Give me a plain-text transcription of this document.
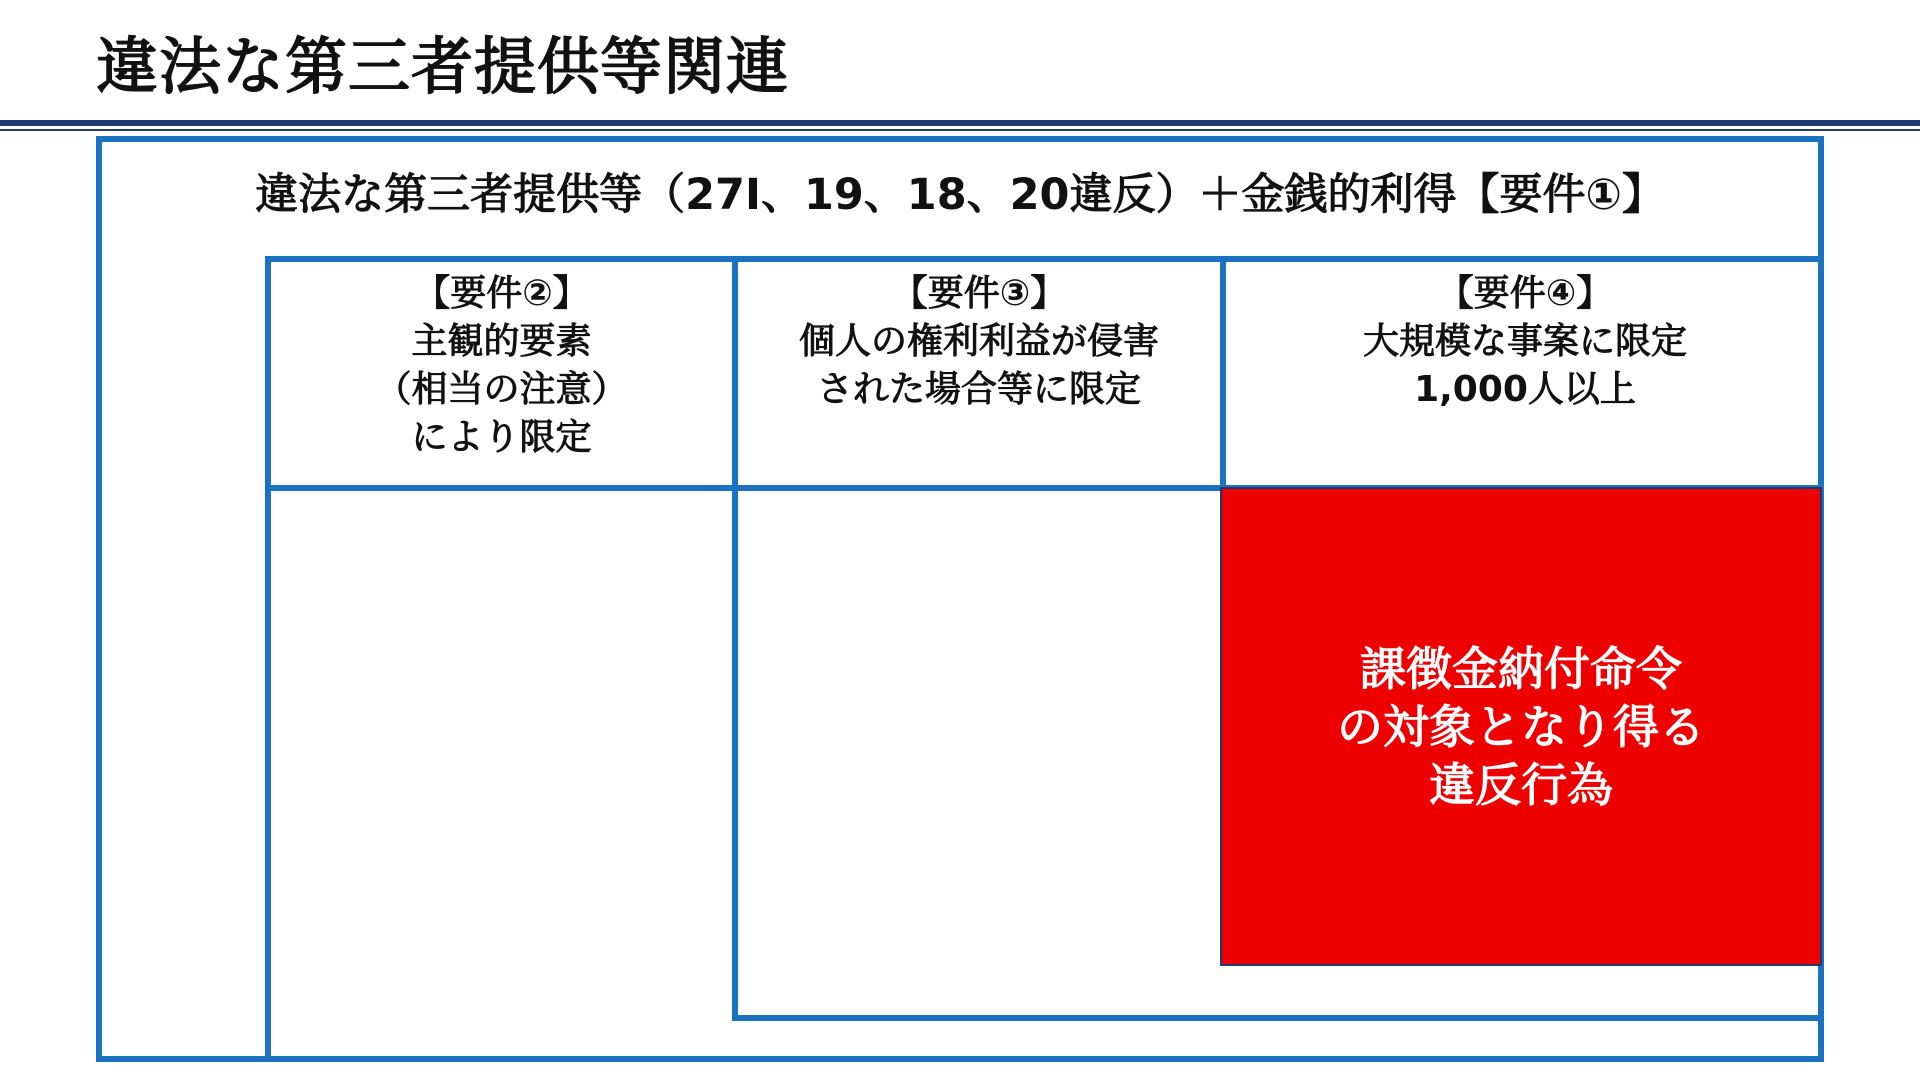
違法な第三者提供等関連
違法な第三者提供等（27Ⅰ、19、18、20違反）＋金銭的利得【要件①】
【要件②】
主観的要素
（相当の注意）
により限定
【要件③】
個人の権利利益が侵害
された場合等に限定
【要件④】
大規模な事案に限定
1,000人以上
課徴金納付命令
の対象となり得る
違反行為
